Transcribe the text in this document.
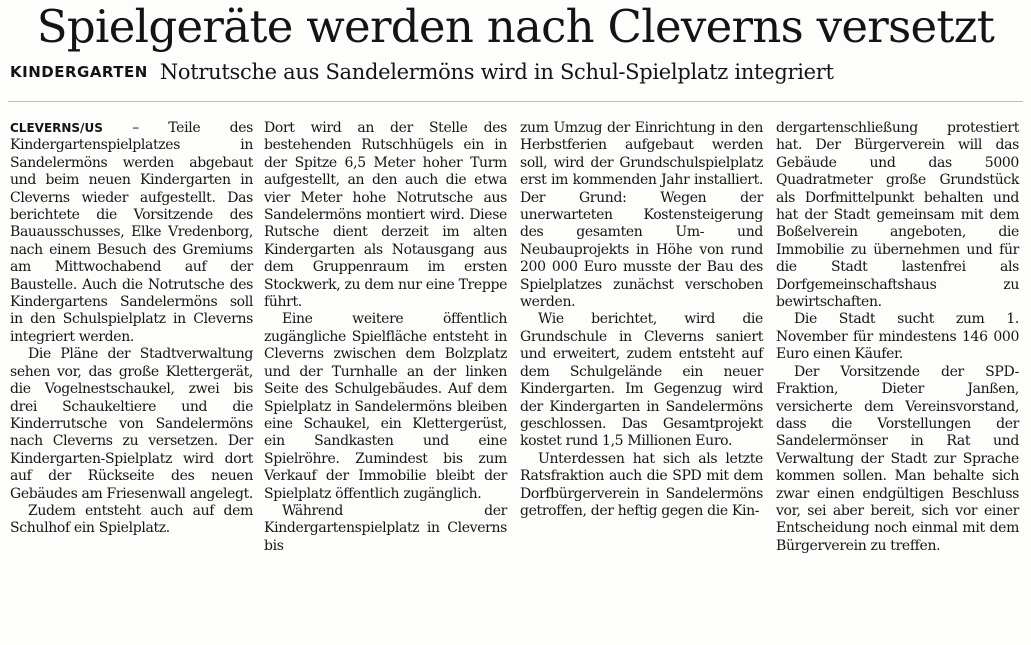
Spielgeräte werden nach Cleverns versetzt
KINDERGARTEN Notrutsche aus Sandelermöns wird in Schul-Spielplatz integriert

CLEVERNS/US – Teile des Kindergartenspielplatzes in Sandelermöns werden abgebaut und beim neuen Kindergarten in Cleverns wieder aufgestellt. Das berichtete die Vorsitzende des Bauausschusses, Elke Vredenborg, nach einem Besuch des Gremiums am Mittwochabend auf der Baustelle. Auch die Notrutsche des Kindergartens Sandelermöns soll in den Schulspielplatz in Cleverns integriert werden.

Die Pläne der Stadtverwaltung sehen vor, das große Klettergerät, die Vogelnestschaukel, zwei bis drei Schaukeltiere und die Kinderrutsche von Sandelermöns nach Cleverns zu versetzen. Der Kindergarten-Spielplatz wird dort auf der Rückseite des neuen Gebäudes am Friesenwall angelegt.

Zudem entsteht auch auf dem Schulhof ein Spielplatz.

Dort wird an der Stelle des bestehenden Rutschhügels ein in der Spitze 6,5 Meter hoher Turm aufgestellt, an den auch die etwa vier Meter hohe Notrutsche aus Sandelermöns montiert wird. Diese Rutsche dient derzeit im alten Kindergarten als Notausgang aus dem Gruppenraum im ersten Stockwerk, zu dem nur eine Treppe führt.

Eine weitere öffentlich zugängliche Spielfläche entsteht in Cleverns zwischen dem Bolzplatz und der Turnhalle an der linken Seite des Schulgebäudes. Auf dem Spielplatz in Sandelermöns bleiben eine Schaukel, ein Klettergerüst, ein Sandkasten und eine Spielröhre. Zumindest bis zum Verkauf der Immobilie bleibt der Spielplatz öffentlich zugänglich.

Während der Kindergartenspielplatz in Cleverns bis

zum Umzug der Einrichtung in den Herbstferien aufgebaut werden soll, wird der Grundschulspielplatz erst im kommenden Jahr installiert. Der Grund: Wegen der unerwarteten Kostensteigerung des gesamten Um- und Neubauprojekts in Höhe von rund 200 000 Euro musste der Bau des Spielplatzes zunächst verschoben werden.

Wie berichtet, wird die Grundschule in Cleverns saniert und erweitert, zudem entsteht auf dem Schulgelände ein neuer Kindergarten. Im Gegenzug wird der Kindergarten in Sandelermöns geschlossen. Das Gesamtprojekt kostet rund 1,5 Millionen Euro.

Unterdessen hat sich als letzte Ratsfraktion auch die SPD mit dem Dorfbürgerverein in Sandelermöns getroffen, der heftig gegen die Kin-

dergartenschließung protestiert hat. Der Bürgerverein will das Gebäude und das 5000 Quadratmeter große Grundstück als Dorfmittelpunkt behalten und hat der Stadt gemeinsam mit dem Boßelverein angeboten, die Immobilie zu übernehmen und für die Stadt lastenfrei als Dorfgemeinschaftshaus zu bewirtschaften.

Die Stadt sucht zum 1. November für mindestens 146 000 Euro einen Käufer.

Der Vorsitzende der SPD-Fraktion, Dieter Janßen, versicherte dem Vereinsvorstand, dass die Vorstellungen der Sandelermönser in Rat und Verwaltung der Stadt zur Sprache kommen sollen. Man behalte sich zwar einen endgültigen Beschluss vor, sei aber bereit, sich vor einer Entscheidung noch einmal mit dem Bürgerverein zu treffen.
